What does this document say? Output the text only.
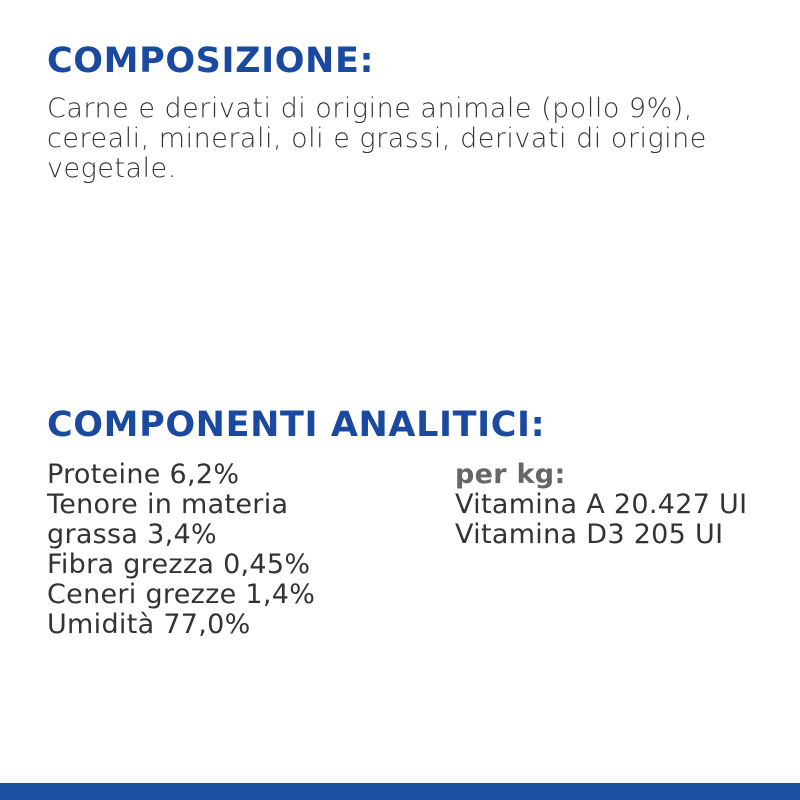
COMPOSIZIONE:

Carne e derivati di origine animale (pollo 9%), cereali, minerali, oli e grassi, derivati di origine vegetale.

COMPONENTI ANALITICI:
Proteine 6,2%
Tenore in materia grassa 3,4%
Fibra grezza 0,45%
Ceneri grezze 1,4%
Umidità 77,0%
per kg:
Vitamina A 20.427 UI
Vitamina D3 205 UI
